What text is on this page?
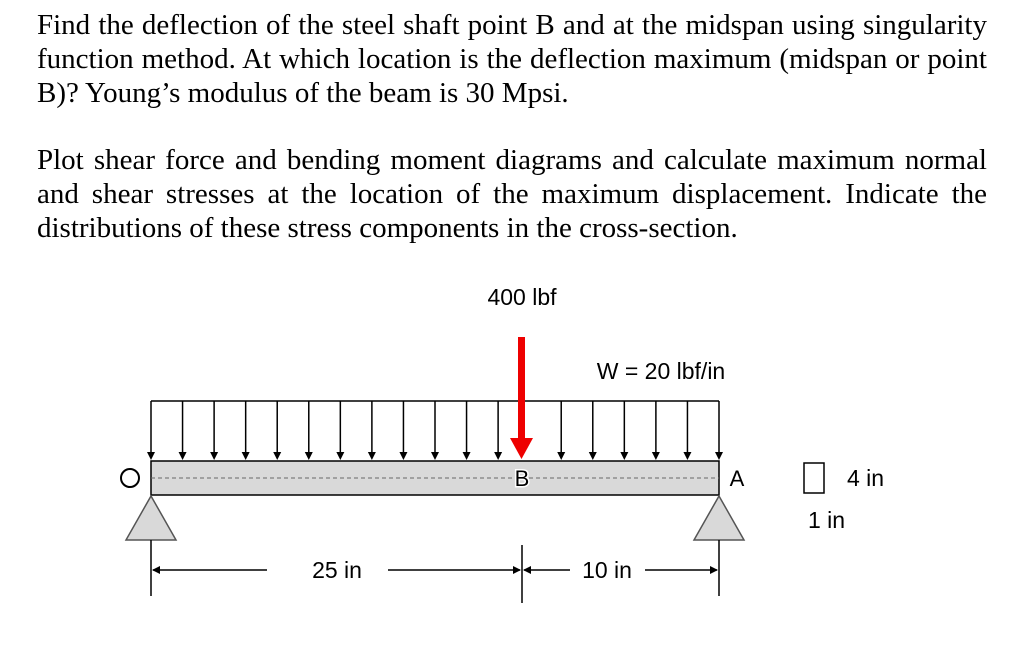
Find the deflection of the steel shaft point B and at the midspan using singularity function method. At which location is the deflection maximum (midspan or point B)? Young’s modulus of the beam is 30 Mpsi.
Plot shear force and bending moment diagrams and calculate maximum normal and shear stresses at the location of the maximum displacement. Indicate the distributions of these stress components in the cross-section.
W = 20 lbf/in
400 lbf
B	A
25 in	10 in
4 in
1 in
